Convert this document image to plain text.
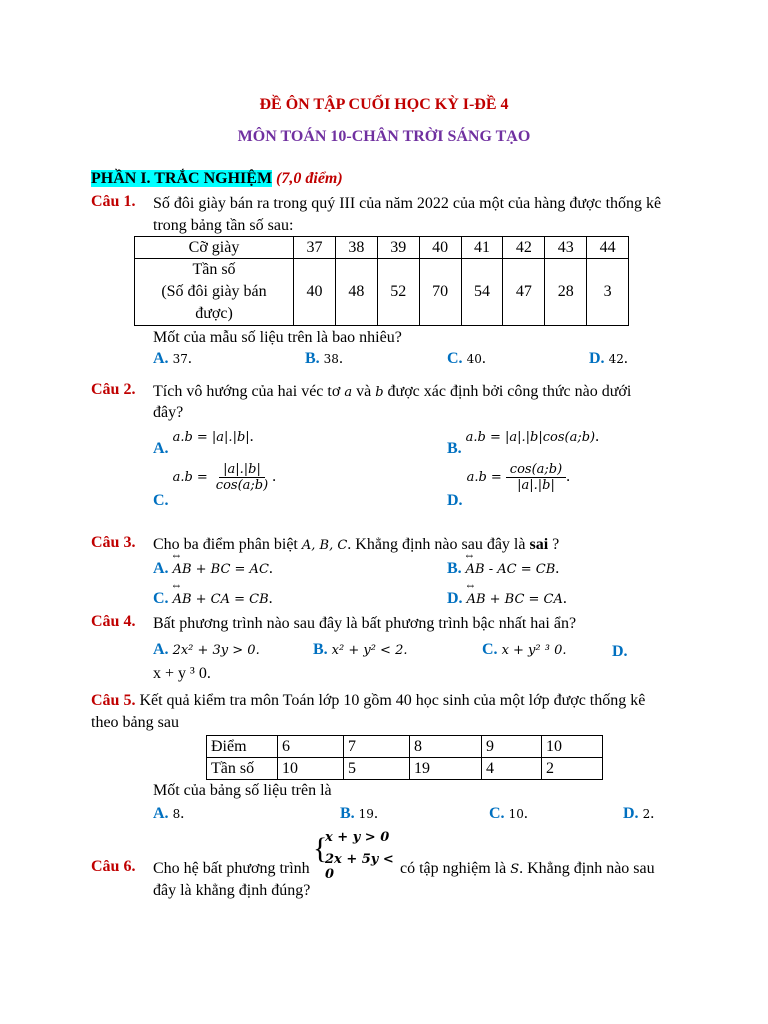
ĐỀ ÔN TẬP CUỐI HỌC KỲ I-ĐỀ 4
MÔN TOÁN 10-CHÂN TRỜI SÁNG TẠO
PHẦN I. TRẮC NGHIỆM (7,0 điểm)
Câu 1. Số đôi giày bán ra trong quý III của năm 2022 của một của hàng được thống kê
trong bảng tần số sau:
Cỡ giày	37	38	39	40	41	42	43	44

Tần số
(Số đôi giày bán
được)	40	48	52	70	54	47	28	3
Mốt của mẫu số liệu trên là bao nhiêu?
A. 37.	B. 38.	C. 40.	D. 42.
Câu 2. Tích vô hướng của hai véc tơ a và b được xác định bởi công thức nào dưới
đây?
A. a.b = |a|.|b|.
B. a.b = |a|.|b|cos(a;b).
C. $a.b = \frac{|a|.|b|}{\cos(a;b)}$ .
D. $a.b = \frac{\cos(a;b)}{|a|.|b|}$ .
Câu 3. Cho ba điểm phân biệt A, B, C. Khẳng định nào sau đây là sai ?
A. ↔ AB + BC = AC.	B. ↔ AB - AC = CB.
C. ↔ AB + CA = CB.	D. ↔ AB + BC = CA.
Câu 4. Bất phương trình nào sau đây là bất phương trình bậc nhất hai ẩn?
A. 2x² + 3y > 0.	B. x² + y² < 2.	C. x + y² ³ 0.	D.
x + y ³ 0.
Câu 5. Kết quả kiểm tra môn Toán lớp 10 gồm 40 học sinh của một lớp được thống kê
theo bảng sau
Điểm	6	7	8	9	10
Tần số	10	5	19	4	2
Mốt của bảng số liệu trên là
A. 8.	B. 19.	C. 10.	D. 2.
Câu 6. Cho hệ bất phương trình
{
x + y > 0
2x + 5y < 0	có tập nghiệm là S. Khẳng định nào sau
đây là khẳng định đúng?
